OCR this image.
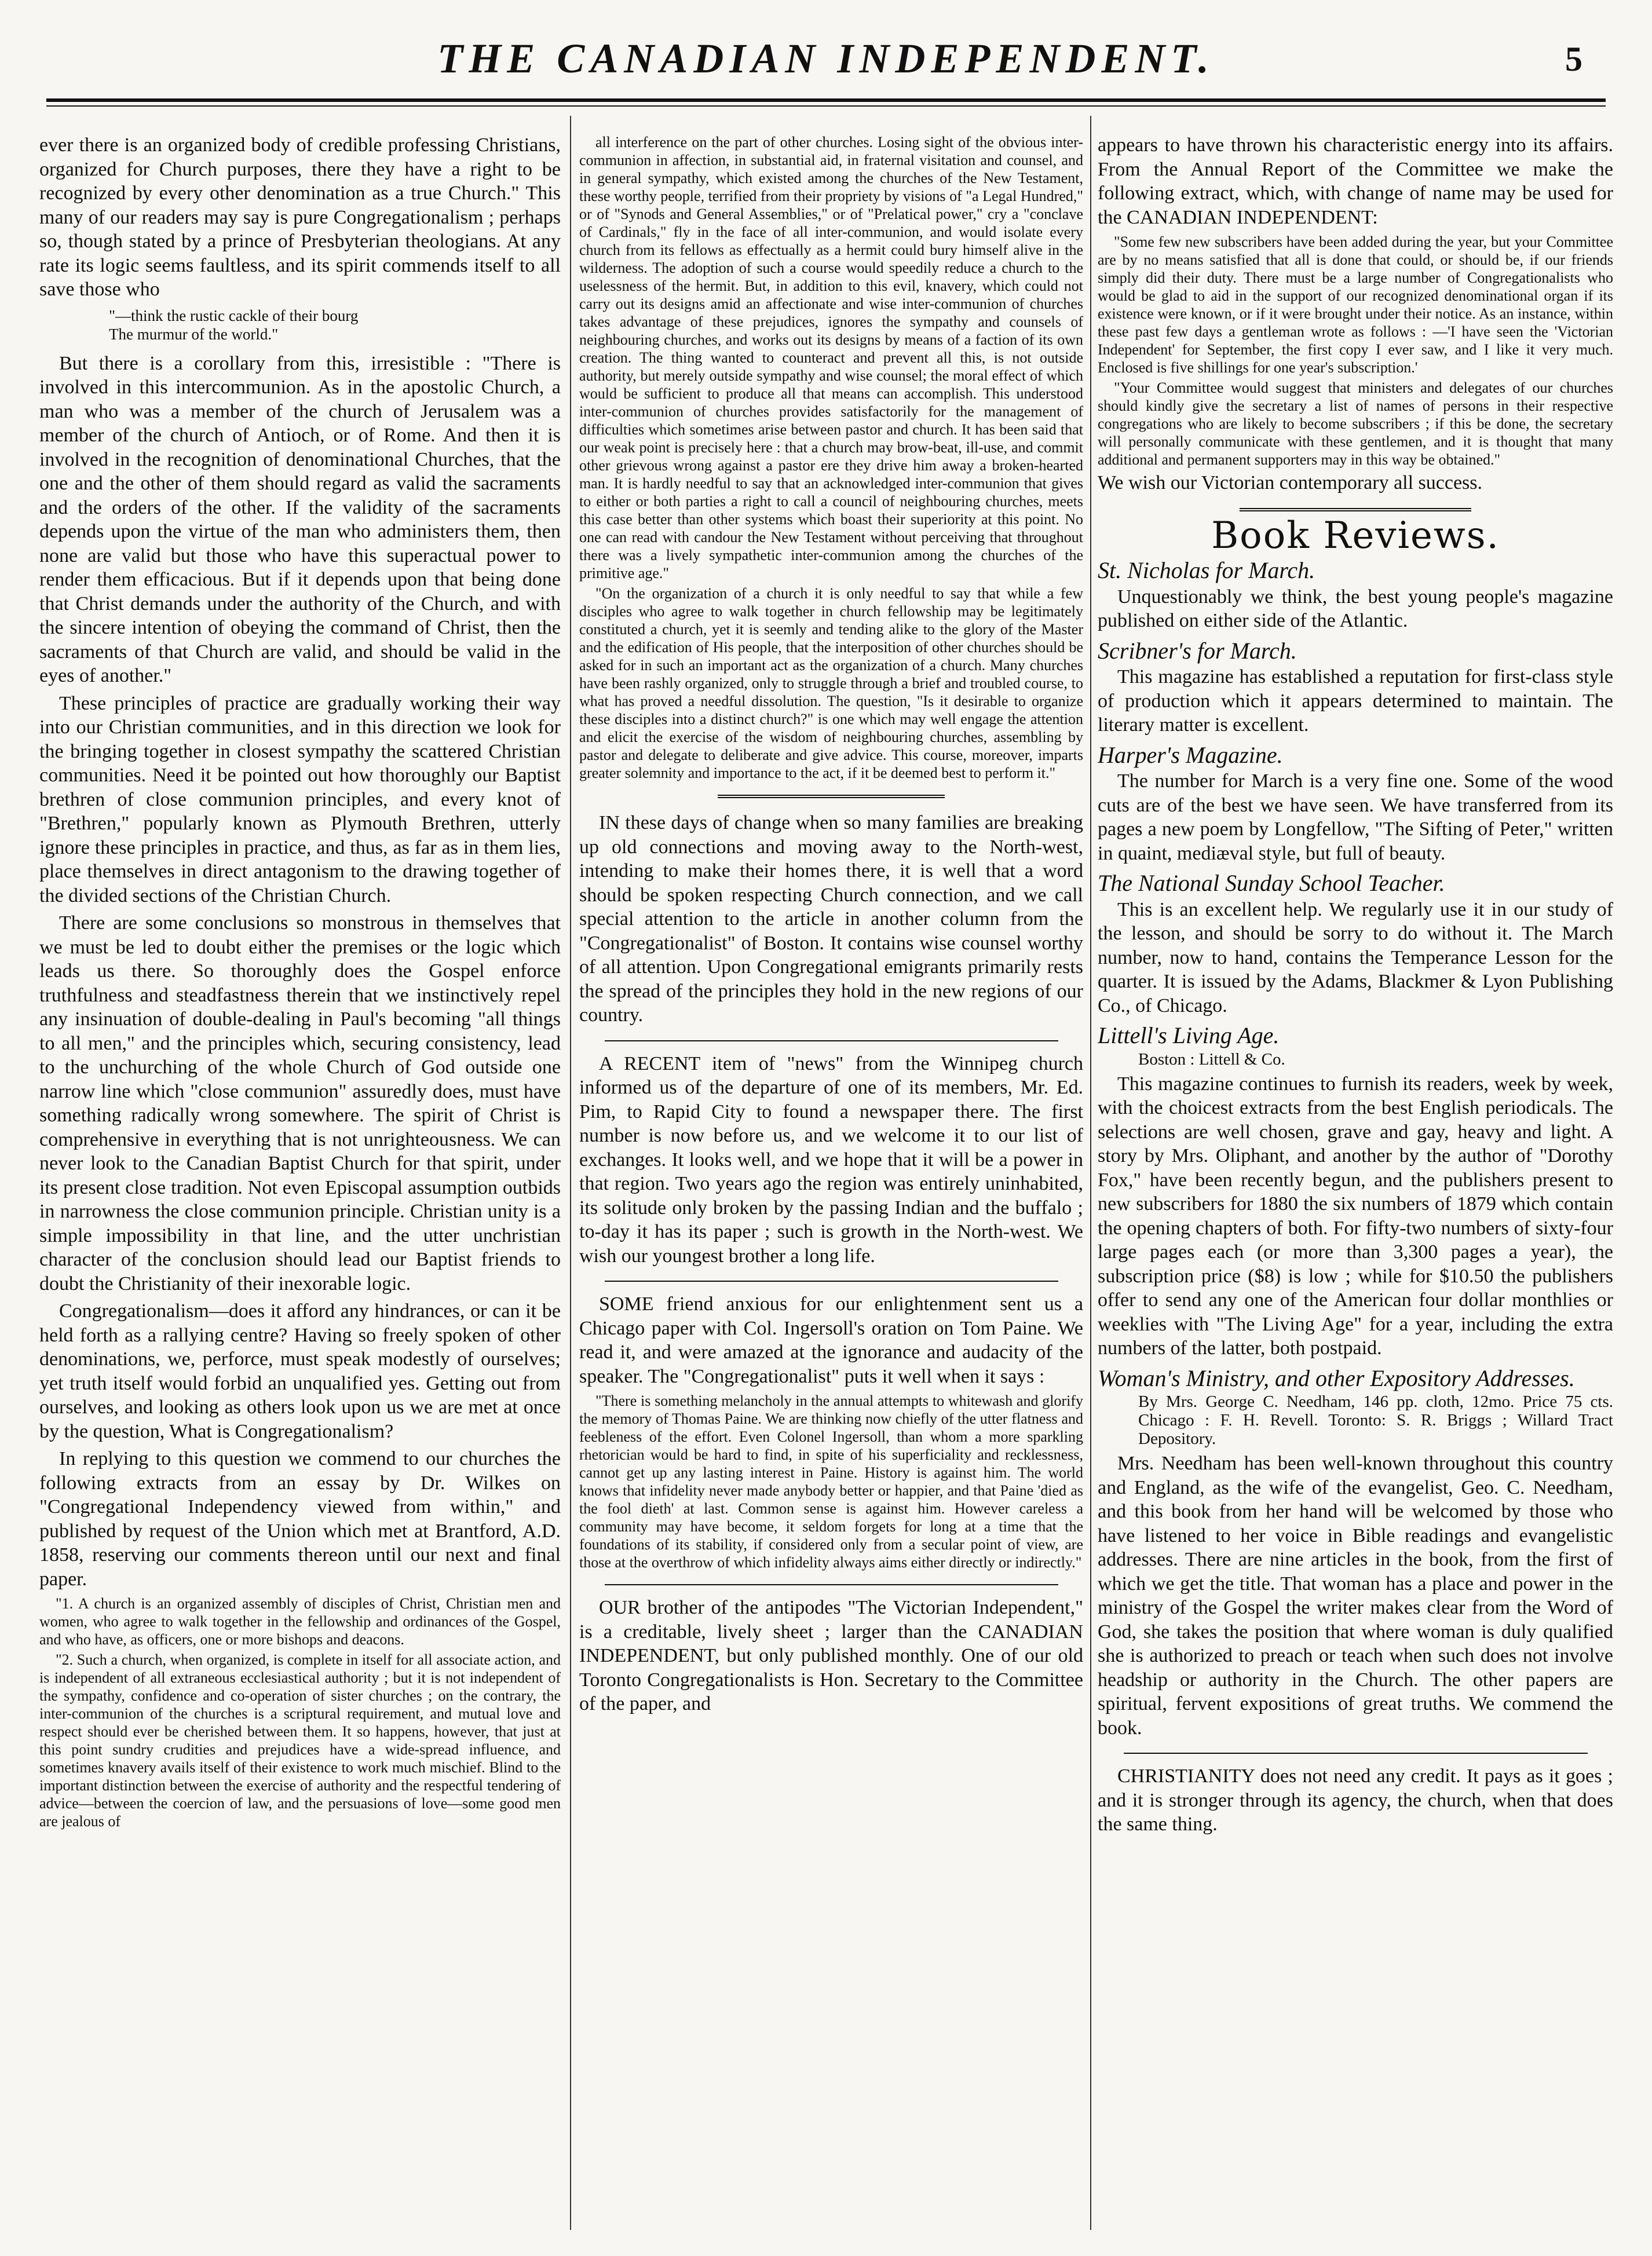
THE CANADIAN INDEPENDENT.	5

ever there is an organized body of credible professing Christians, organized for Church purposes, there they have a right to be recognized by every other denomination as a true Church." This many of our readers may say is pure Congregationalism ; perhaps so, though stated by a prince of Presbyterian theologians. At any rate its logic seems faultless, and its spirit commends itself to all save those who

"—think the rustic cackle of their bourg
The murmur of the world."

But there is a corollary from this, irresistible : "There is involved in this intercommunion. As in the apostolic Church, a man who was a member of the church of Jerusalem was a member of the church of Antioch, or of Rome. And then it is involved in the recognition of denominational Churches, that the one and the other of them should regard as valid the sacraments and the orders of the other. If the validity of the sacraments depends upon the virtue of the man who administers them, then none are valid but those who have this superactual power to render them efficacious. But if it depends upon that being done that Christ demands under the authority of the Church, and with the sincere intention of obeying the command of Christ, then the sacraments of that Church are valid, and should be valid in the eyes of another."

These principles of practice are gradually working their way into our Christian communities, and in this direction we look for the bringing together in closest sympathy the scattered Christian communities. Need it be pointed out how thoroughly our Baptist brethren of close communion principles, and every knot of "Brethren," popularly known as Plymouth Brethren, utterly ignore these principles in practice, and thus, as far as in them lies, place themselves in direct antagonism to the drawing together of the divided sections of the Christian Church.

There are some conclusions so monstrous in themselves that we must be led to doubt either the premises or the logic which leads us there. So thoroughly does the Gospel enforce truthfulness and steadfastness therein that we instinctively repel any insinuation of double-dealing in Paul's becoming "all things to all men," and the principles which, securing consistency, lead to the unchurching of the whole Church of God outside one narrow line which "close communion" assuredly does, must have something radically wrong somewhere. The spirit of Christ is comprehensive in everything that is not unrighteousness. We can never look to the Canadian Baptist Church for that spirit, under its present close tradition. Not even Episcopal assumption outbids in narrowness the close communion principle. Christian unity is a simple impossibility in that line, and the utter unchristian character of the conclusion should lead our Baptist friends to doubt the Christianity of their inexorable logic.

Congregationalism—does it afford any hindrances, or can it be held forth as a rallying centre? Having so freely spoken of other denominations, we, perforce, must speak modestly of ourselves; yet truth itself would forbid an unqualified yes. Getting out from ourselves, and looking as others look upon us we are met at once by the question, What is Congregationalism?

In replying to this question we commend to our churches the following extracts from an essay by Dr. Wilkes on "Congregational Independency viewed from within," and published by request of the Union which met at Brantford, A.D. 1858, reserving our comments thereon until our next and final paper.

"1. A church is an organized assembly of disciples of Christ, Christian men and women, who agree to walk together in the fellowship and ordinances of the Gospel, and who have, as officers, one or more bishops and deacons.

"2. Such a church, when organized, is complete in itself for all associate action, and is independent of all extraneous ecclesiastical authority ; but it is not independent of the sympathy, confidence and co-operation of sister churches ; on the contrary, the inter-communion of the churches is a scriptural requirement, and mutual love and respect should ever be cherished between them. It so happens, however, that just at this point sundry crudities and prejudices have a wide-spread influence, and sometimes knavery avails itself of their existence to work much mischief. Blind to the important distinction between the exercise of authority and the respectful tendering of advice—between the coercion of law, and the persuasions of love—some good men are jealous of

all interference on the part of other churches. Losing sight of the obvious inter-communion in affection, in substantial aid, in fraternal visitation and counsel, and in general sympathy, which existed among the churches of the New Testament, these worthy people, terrified from their propriety by visions of "a Legal Hundred," or of "Synods and General Assemblies," or of "Prelatical power," cry a "conclave of Cardinals," fly in the face of all inter-communion, and would isolate every church from its fellows as effectually as a hermit could bury himself alive in the wilderness. The adoption of such a course would speedily reduce a church to the uselessness of the hermit. But, in addition to this evil, knavery, which could not carry out its designs amid an affectionate and wise inter-communion of churches takes advantage of these prejudices, ignores the sympathy and counsels of neighbouring churches, and works out its designs by means of a faction of its own creation. The thing wanted to counteract and prevent all this, is not outside authority, but merely outside sympathy and wise counsel; the moral effect of which would be sufficient to produce all that means can accomplish. This understood inter-communion of churches provides satisfactorily for the management of difficulties which sometimes arise between pastor and church. It has been said that our weak point is precisely here : that a church may brow-beat, ill-use, and commit other grievous wrong against a pastor ere they drive him away a broken-hearted man. It is hardly needful to say that an acknowledged inter-communion that gives to either or both parties a right to call a council of neighbouring churches, meets this case better than other systems which boast their superiority at this point. No one can read with candour the New Testament without perceiving that throughout there was a lively sympathetic inter-communion among the churches of the primitive age."

"On the organization of a church it is only needful to say that while a few disciples who agree to walk together in church fellowship may be legitimately constituted a church, yet it is seemly and tending alike to the glory of the Master and the edification of His people, that the interposition of other churches should be asked for in such an important act as the organization of a church. Many churches have been rashly organized, only to struggle through a brief and troubled course, to what has proved a needful dissolution. The question, "Is it desirable to organize these disciples into a distinct church?" is one which may well engage the attention and elicit the exercise of the wisdom of neighbouring churches, assembling by pastor and delegate to deliberate and give advice. This course, moreover, imparts greater solemnity and importance to the act, if it be deemed best to perform it."

IN these days of change when so many families are breaking up old connections and moving away to the North-west, intending to make their homes there, it is well that a word should be spoken respecting Church connection, and we call special attention to the article in another column from the "Congregationalist" of Boston. It contains wise counsel worthy of all attention. Upon Congregational emigrants primarily rests the spread of the principles they hold in the new regions of our country.

A RECENT item of "news" from the Winnipeg church informed us of the departure of one of its members, Mr. Ed. Pim, to Rapid City to found a newspaper there. The first number is now before us, and we welcome it to our list of exchanges. It looks well, and we hope that it will be a power in that region. Two years ago the region was entirely uninhabited, its solitude only broken by the passing Indian and the buffalo ; to-day it has its paper ; such is growth in the North-west. We wish our youngest brother a long life.

SOME friend anxious for our enlightenment sent us a Chicago paper with Col. Ingersoll's oration on Tom Paine. We read it, and were amazed at the ignorance and audacity of the speaker. The "Congregationalist" puts it well when it says :

"There is something melancholy in the annual attempts to whitewash and glorify the memory of Thomas Paine. We are thinking now chiefly of the utter flatness and feebleness of the effort. Even Colonel Ingersoll, than whom a more sparkling rhetorician would be hard to find, in spite of his superficiality and recklessness, cannot get up any lasting interest in Paine. History is against him. The world knows that infidelity never made anybody better or happier, and that Paine 'died as the fool dieth' at last. Common sense is against him. However careless a community may have become, it seldom forgets for long at a time that the foundations of its stability, if considered only from a secular point of view, are those at the overthrow of which infidelity always aims either directly or indirectly."

OUR brother of the antipodes "The Victorian Independent," is a creditable, lively sheet ; larger than the CANADIAN INDEPENDENT, but only published monthly. One of our old Toronto Congregationalists is Hon. Secretary to the Committee of the paper, and

appears to have thrown his characteristic energy into its affairs. From the Annual Report of the Committee we make the following extract, which, with change of name may be used for the CANADIAN INDEPENDENT:

"Some few new subscribers have been added during the year, but your Committee are by no means satisfied that all is done that could, or should be, if our friends simply did their duty. There must be a large number of Congregationalists who would be glad to aid in the support of our recognized denominational organ if its existence were known, or if it were brought under their notice. As an instance, within these past few days a gentleman wrote as follows : —'I have seen the 'Victorian Independent' for September, the first copy I ever saw, and I like it very much. Enclosed is five shillings for one year's subscription.'

"Your Committee would suggest that ministers and delegates of our churches should kindly give the secretary a list of names of persons in their respective congregations who are likely to become subscribers ; if this be done, the secretary will personally communicate with these gentlemen, and it is thought that many additional and permanent supporters may in this way be obtained."

We wish our Victorian contemporary all success.

Book Reviews.
St. Nicholas for March.

Unquestionably we think, the best young people's magazine published on either side of the Atlantic.

Scribner's for March.

This magazine has established a reputation for first-class style of production which it appears determined to maintain. The literary matter is excellent.

Harper's Magazine.

The number for March is a very fine one. Some of the wood cuts are of the best we have seen. We have transferred from its pages a new poem by Longfellow, "The Sifting of Peter," written in quaint, mediæval style, but full of beauty.

The National Sunday School Teacher.

This is an excellent help. We regularly use it in our study of the lesson, and should be sorry to do without it. The March number, now to hand, contains the Temperance Lesson for the quarter. It is issued by the Adams, Blackmer & Lyon Publishing Co., of Chicago.

Littell's Living Age.

Boston : Littell & Co.

This magazine continues to furnish its readers, week by week, with the choicest extracts from the best English periodicals. The selections are well chosen, grave and gay, heavy and light. A story by Mrs. Oliphant, and another by the author of "Dorothy Fox," have been recently begun, and the publishers present to new subscribers for 1880 the six numbers of 1879 which contain the opening chapters of both. For fifty-two numbers of sixty-four large pages each (or more than 3,300 pages a year), the subscription price ($8) is low ; while for $10.50 the publishers offer to send any one of the American four dollar monthlies or weeklies with "The Living Age" for a year, including the extra numbers of the latter, both postpaid.

Woman's Ministry, and other Expository Addresses.

By Mrs. George C. Needham, 146 pp. cloth, 12mo. Price 75 cts. Chicago : F. H. Revell. Toronto: S. R. Briggs ; Willard Tract Depository.

Mrs. Needham has been well-known throughout this country and England, as the wife of the evangelist, Geo. C. Needham, and this book from her hand will be welcomed by those who have listened to her voice in Bible readings and evangelistic addresses. There are nine articles in the book, from the first of which we get the title. That woman has a place and power in the ministry of the Gospel the writer makes clear from the Word of God, she takes the position that where woman is duly qualified she is authorized to preach or teach when such does not involve headship or authority in the Church. The other papers are spiritual, fervent expositions of great truths. We commend the book.

CHRISTIANITY does not need any credit. It pays as it goes ; and it is stronger through its agency, the church, when that does the same thing.
